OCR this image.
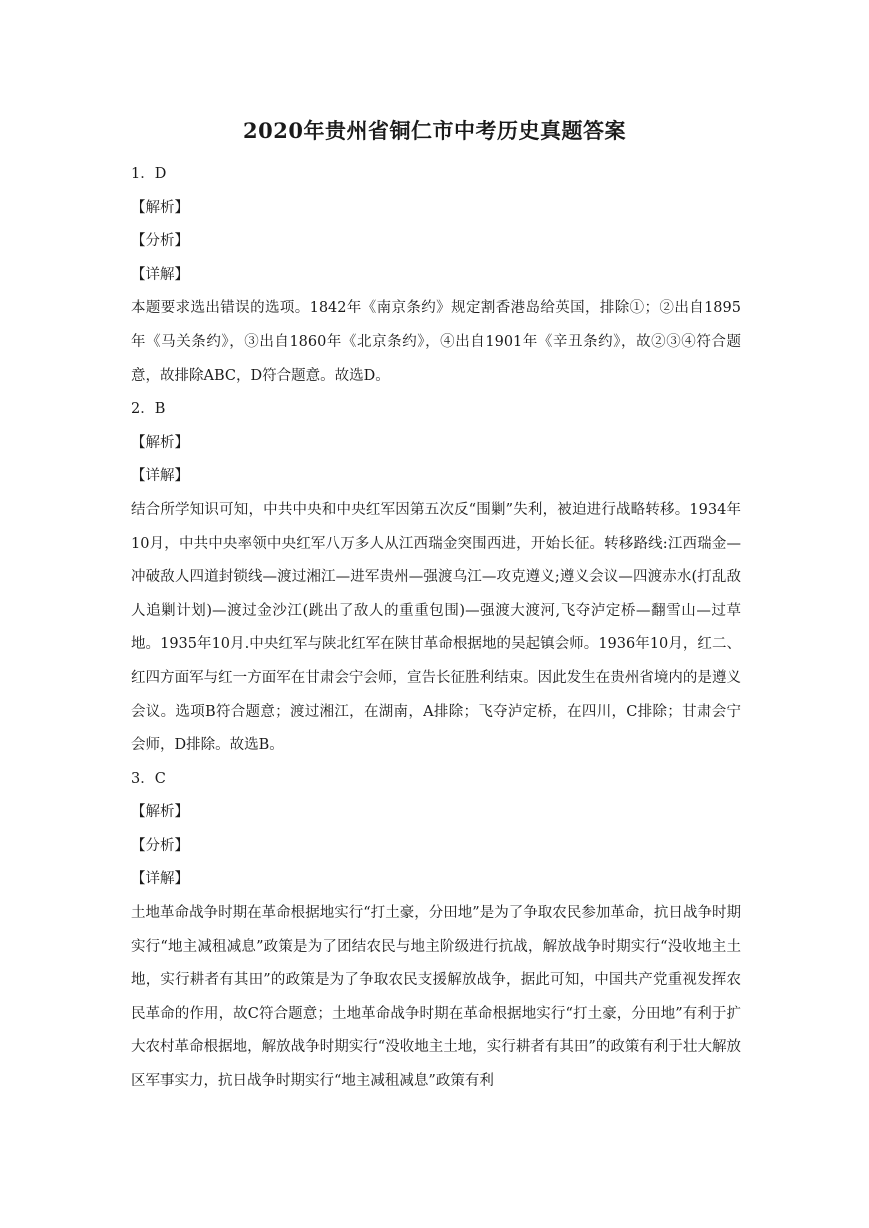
2020年贵州省铜仁市中考历史真题答案
1．D
【解析】
【分析】
【详解】
本题要求选出错误的选项。1842年《南京条约》规定割香港岛给英国，排除①；②出自1895年《马关条约》，③出自1860年《北京条约》，④出自1901年《辛丑条约》，故②③④符合题意，故排除ABC，D符合题意。故选D。
2．B
【解析】
【详解】
结合所学知识可知，中共中央和中央红军因第五次反“围剿”失利，被迫进行战略转移。1934年10月，中共中央率领中央红军八万多人从江西瑞金突围西进，开始长征。转移路线:江西瑞金—冲破敌人四道封锁线—渡过湘江—进军贵州—强渡乌江—攻克遵义;遵义会议—四渡赤水(打乱敌人追剿计划)—渡过金沙江(跳出了敌人的重重包围)—强渡大渡河,飞夺泸定桥—翻雪山—过草地。1935年10月.中央红军与陕北红军在陕甘革命根据地的吴起镇会师。1936年10月，红二、红四方面军与红一方面军在甘肃会宁会师，宣告长征胜利结束。因此发生在贵州省境内的是遵义会议。选项B符合题意；渡过湘江，在湖南，A排除；飞夺泸定桥，在四川，C排除；甘肃会宁会师，D排除。故选B。
3．C
【解析】
【分析】
【详解】
土地革命战争时期在革命根据地实行“打土豪，分田地”是为了争取农民参加革命，抗日战争时期实行“地主减租减息”政策是为了团结农民与地主阶级进行抗战，解放战争时期实行“没收地主土地，实行耕者有其田”的政策是为了争取农民支援解放战争，据此可知，中国共产党重视发挥农民革命的作用，故C符合题意；土地革命战争时期在革命根据地实行“打土豪，分田地”有利于扩大农村革命根据地，解放战争时期实行“没收地主土地，实行耕者有其田”的政策有利于壮大解放区军事实力，抗日战争时期实行“地主减租减息”政策有利
